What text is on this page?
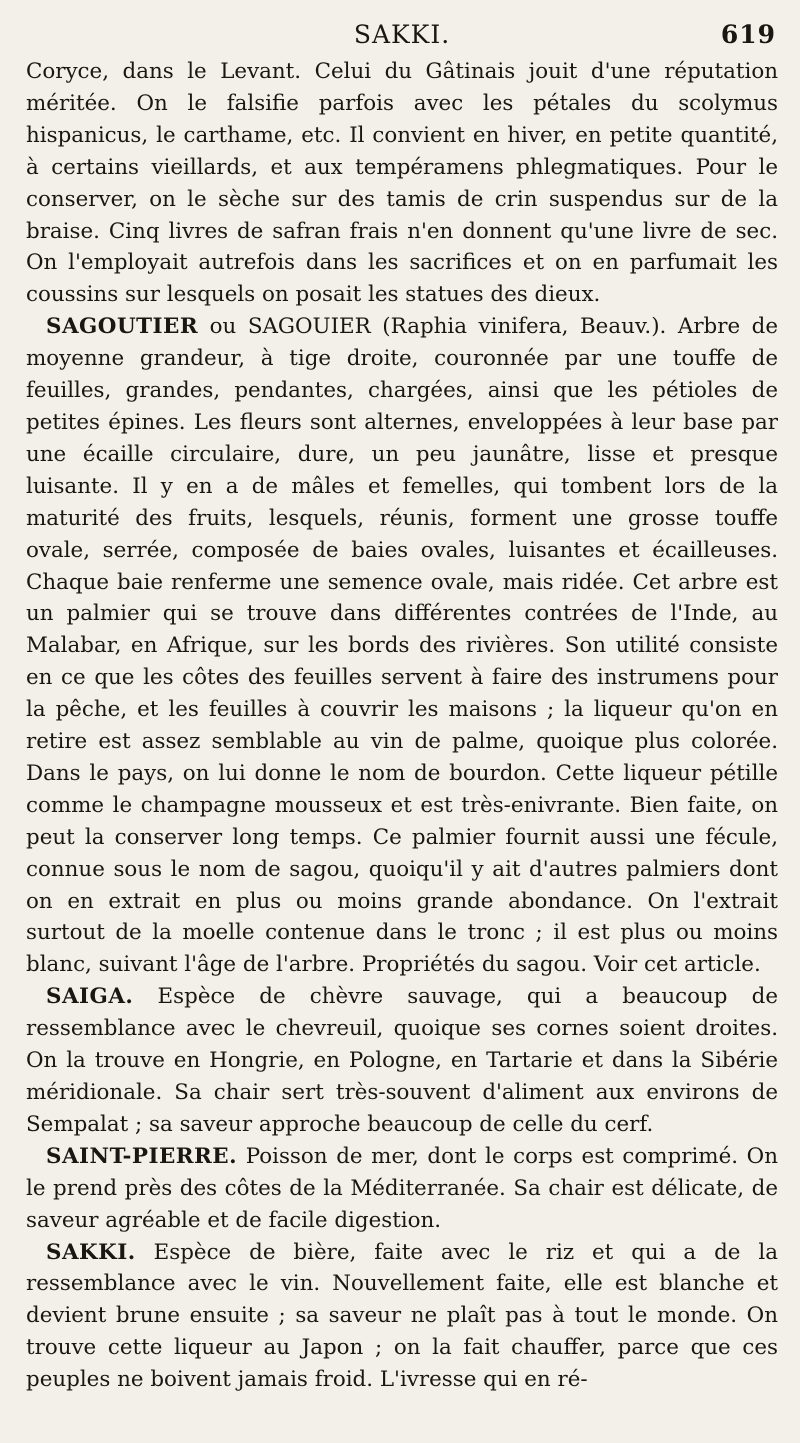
SAKKI.	619

Coryce, dans le Levant. Celui du Gâtinais jouit d'une réputation méritée. On le falsifie parfois avec les pétales du scolymus hispanicus, le carthame, etc. Il convient en hiver, en petite quantité, à certains vieillards, et aux tempéramens phlegmatiques. Pour le conserver, on le sèche sur des tamis de crin suspendus sur de la braise. Cinq livres de safran frais n'en donnent qu'une livre de sec. On l'employait autrefois dans les sacrifices et on en parfumait les coussins sur lesquels on posait les statues des dieux.

SAGOUTIER ou SAGOUIER (Raphia vinifera, Beauv.). Arbre de moyenne grandeur, à tige droite, couronnée par une touffe de feuilles, grandes, pendantes, chargées, ainsi que les pétioles de petites épines. Les fleurs sont alternes, enveloppées à leur base par une écaille circulaire, dure, un peu jaunâtre, lisse et presque luisante. Il y en a de mâles et femelles, qui tombent lors de la maturité des fruits, lesquels, réunis, forment une grosse touffe ovale, serrée, composée de baies ovales, luisantes et écailleuses. Chaque baie renferme une semence ovale, mais ridée. Cet arbre est un palmier qui se trouve dans différentes contrées de l'Inde, au Malabar, en Afrique, sur les bords des rivières. Son utilité consiste en ce que les côtes des feuilles servent à faire des instrumens pour la pêche, et les feuilles à couvrir les maisons ; la liqueur qu'on en retire est assez semblable au vin de palme, quoique plus colorée. Dans le pays, on lui donne le nom de bourdon. Cette liqueur pétille comme le champagne mousseux et est très-enivrante. Bien faite, on peut la conserver long temps. Ce palmier fournit aussi une fécule, connue sous le nom de sagou, quoiqu'il y ait d'autres palmiers dont on en extrait en plus ou moins grande abondance. On l'extrait surtout de la moelle contenue dans le tronc ; il est plus ou moins blanc, suivant l'âge de l'arbre. Propriétés du sagou. Voir cet article.

SAIGA. Espèce de chèvre sauvage, qui a beaucoup de ressemblance avec le chevreuil, quoique ses cornes soient droites. On la trouve en Hongrie, en Pologne, en Tartarie et dans la Sibérie méridionale. Sa chair sert très-souvent d'aliment aux environs de Sempalat ; sa saveur approche beaucoup de celle du cerf.

SAINT-PIERRE. Poisson de mer, dont le corps est comprimé. On le prend près des côtes de la Méditerranée. Sa chair est délicate, de saveur agréable et de facile digestion.

SAKKI. Espèce de bière, faite avec le riz et qui a de la ressemblance avec le vin. Nouvellement faite, elle est blanche et devient brune ensuite ; sa saveur ne plaît pas à tout le monde. On trouve cette liqueur au Japon ; on la fait chauffer, parce que ces peuples ne boivent jamais froid. L'ivresse qui en ré-
